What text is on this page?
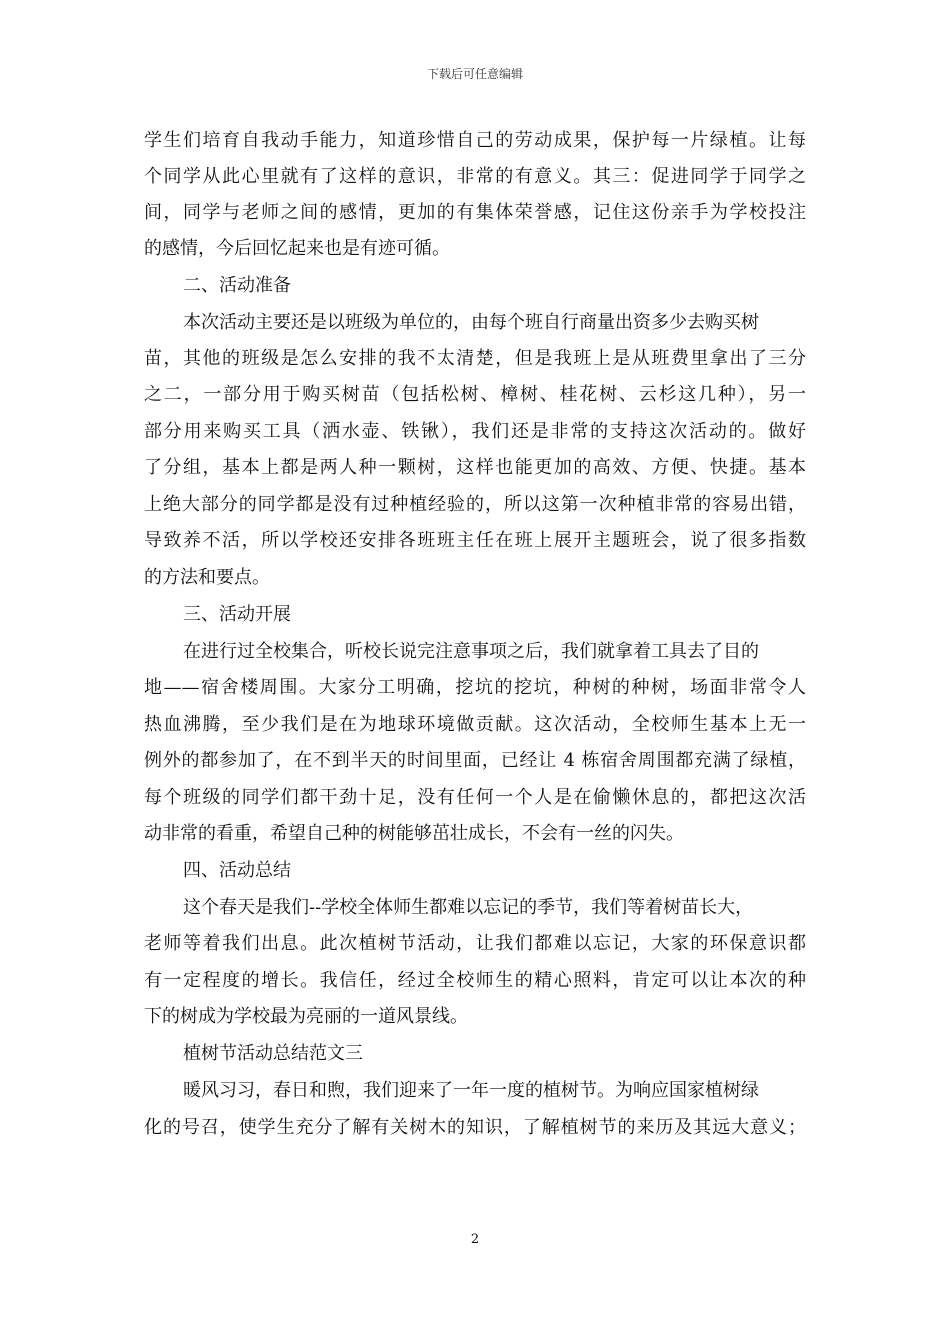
下载后可任意编辑
学生们培育自我动手能力，知道珍惜自己的劳动成果，保护每一片绿植。让每
个同学从此心里就有了这样的意识，非常的有意义。其三：促进同学于同学之
间，同学与老师之间的感情，更加的有集体荣誉感，记住这份亲手为学校投注
的感情，今后回忆起来也是有迹可循。
二、活动准备
本次活动主要还是以班级为单位的，由每个班自行商量出资多少去购买树
苗，其他的班级是怎么安排的我不太清楚，但是我班上是从班费里拿出了三分
之二，一部分用于购买树苗（包括松树、樟树、桂花树、云杉这几种），另一
部分用来购买工具（洒水壶、铁锹），我们还是非常的支持这次活动的。做好
了分组，基本上都是两人种一颗树，这样也能更加的高效、方便、快捷。基本
上绝大部分的同学都是没有过种植经验的，所以这第一次种植非常的容易出错，
导致养不活，所以学校还安排各班班主任在班上展开主题班会，说了很多指数
的方法和要点。
三、活动开展
在进行过全校集合，听校长说完注意事项之后，我们就拿着工具去了目的
地——宿舍楼周围。大家分工明确，挖坑的挖坑，种树的种树，场面非常令人
热血沸腾，至少我们是在为地球环境做贡献。这次活动，全校师生基本上无一
例外的都参加了，在不到半天的时间里面，已经让 4 栋宿舍周围都充满了绿植，
每个班级的同学们都干劲十足，没有任何一个人是在偷懒休息的，都把这次活
动非常的看重，希望自己种的树能够茁壮成长，不会有一丝的闪失。
四、活动总结
这个春天是我们--学校全体师生都难以忘记的季节，我们等着树苗长大，
老师等着我们出息。此次植树节活动，让我们都难以忘记，大家的环保意识都
有一定程度的增长。我信任，经过全校师生的精心照料，肯定可以让本次的种
下的树成为学校最为亮丽的一道风景线。
植树节活动总结范文三
暖风习习，春日和煦，我们迎来了一年一度的植树节。为响应国家植树绿
化的号召，使学生充分了解有关树木的知识，了解植树节的来历及其远大意义；
2
